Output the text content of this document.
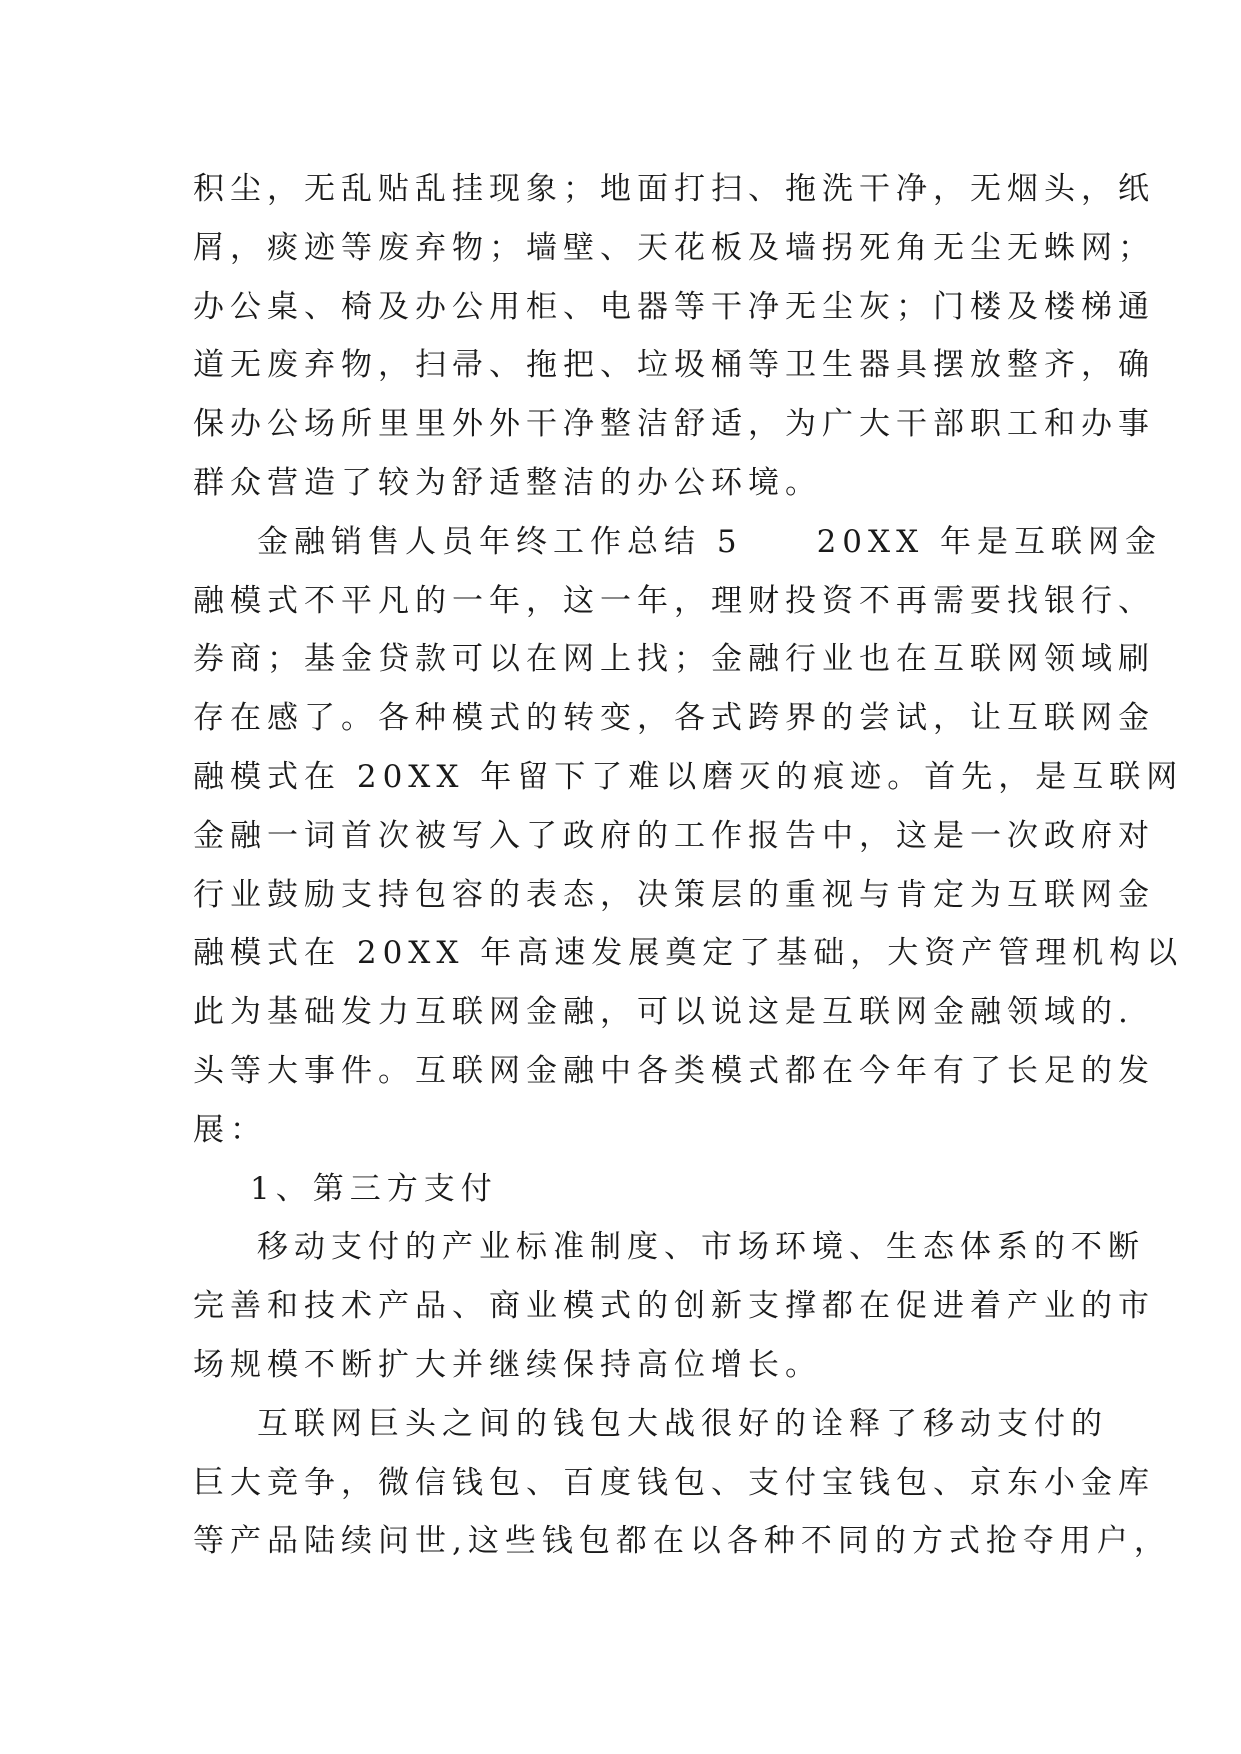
积尘，无乱贴乱挂现象；地面打扫、拖洗干净，无烟头，纸
屑，痰迹等废弃物；墙壁、天花板及墙拐死角无尘无蛛网；
办公桌、椅及办公用柜、电器等干净无尘灰；门楼及楼梯通
道无废弃物，扫帚、拖把、垃圾桶等卫生器具摆放整齐，确
保办公场所里里外外干净整洁舒适，为广大干部职工和办事
群众营造了较为舒适整洁的办公环境。
金融销售人员年终工作总结 5　　20XX 年是互联网金
融模式不平凡的一年，这一年，理财投资不再需要找银行、
券商；基金贷款可以在网上找；金融行业也在互联网领域刷
存在感了。各种模式的转变，各式跨界的尝试，让互联网金
融模式在 20XX 年留下了难以磨灭的痕迹。首先，是互联网
金融一词首次被写入了政府的工作报告中，这是一次政府对
行业鼓励支持包容的表态，决策层的重视与肯定为互联网金
融模式在 20XX 年高速发展奠定了基础，大资产管理机构以
此为基础发力互联网金融，可以说这是互联网金融领域的.
头等大事件。互联网金融中各类模式都在今年有了长足的发
展：
1、第三方支付
移动支付的产业标准制度、市场环境、生态体系的不断
完善和技术产品、商业模式的创新支撑都在促进着产业的市
场规模不断扩大并继续保持高位增长。
互联网巨头之间的钱包大战很好的诠释了移动支付的
巨大竞争，微信钱包、百度钱包、支付宝钱包、京东小金库
等产品陆续问世,这些钱包都在以各种不同的方式抢夺用户，
